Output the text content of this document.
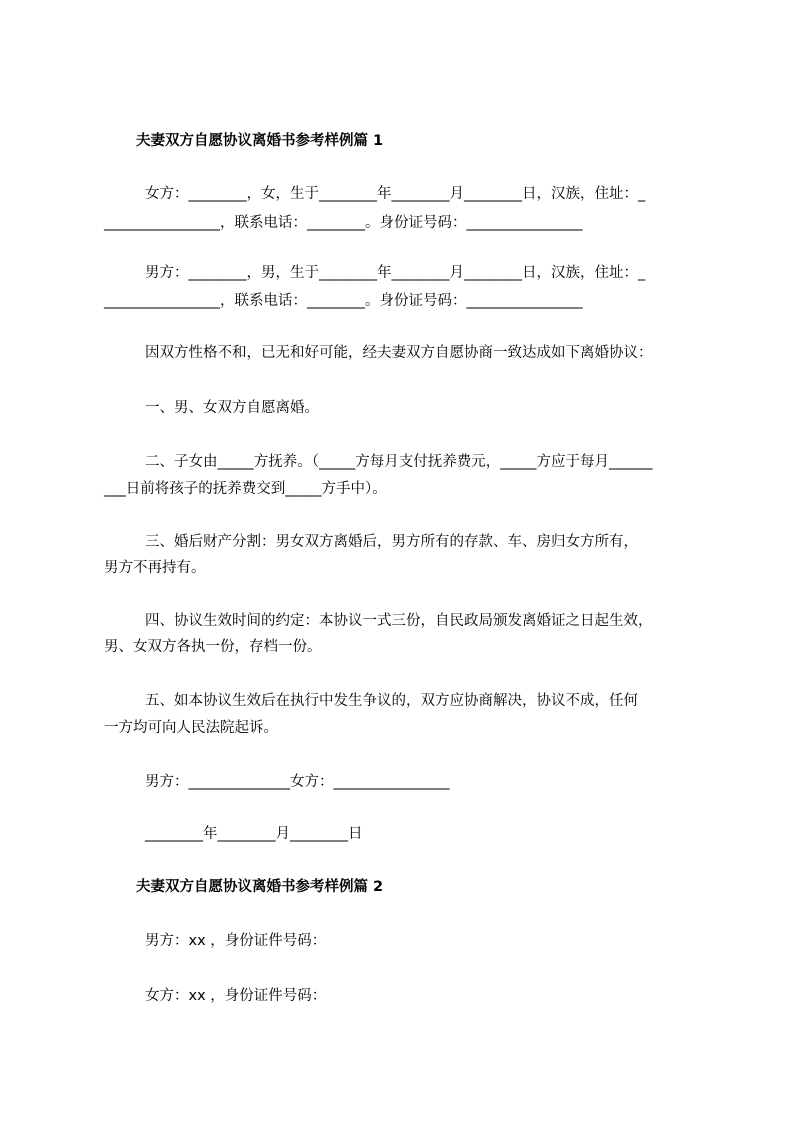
夫妻双方自愿协议离婚书参考样例篇 1
女方：________，女，生于________年________月________日，汉族，住址：_
________________，联系电话：________。身份证号码：________________
男方：________，男，生于________年________月________日，汉族，住址：_
________________，联系电话：________。身份证号码：________________
因双方性格不和，已无和好可能，经夫妻双方自愿协商一致达成如下离婚协议：
一、男、女双方自愿离婚。
二、子女由_____方抚养。（_____方每月支付抚养费元，_____方应于每月______
___日前将孩子的抚养费交到_____方手中）。
三、婚后财产分割：男女双方离婚后，男方所有的存款、车、房归女方所有，
男方不再持有。
四、协议生效时间的约定：本协议一式三份，自民政局颁发离婚证之日起生效，
男、女双方各执一份，存档一份。
五、如本协议生效后在执行中发生争议的，双方应协商解决，协议不成，任何
一方均可向人民法院起诉。
男方：______________女方：________________
________年________月________日
夫妻双方自愿协议离婚书参考样例篇 2
男方：xx ，身份证件号码：
女方：xx ，身份证件号码：
